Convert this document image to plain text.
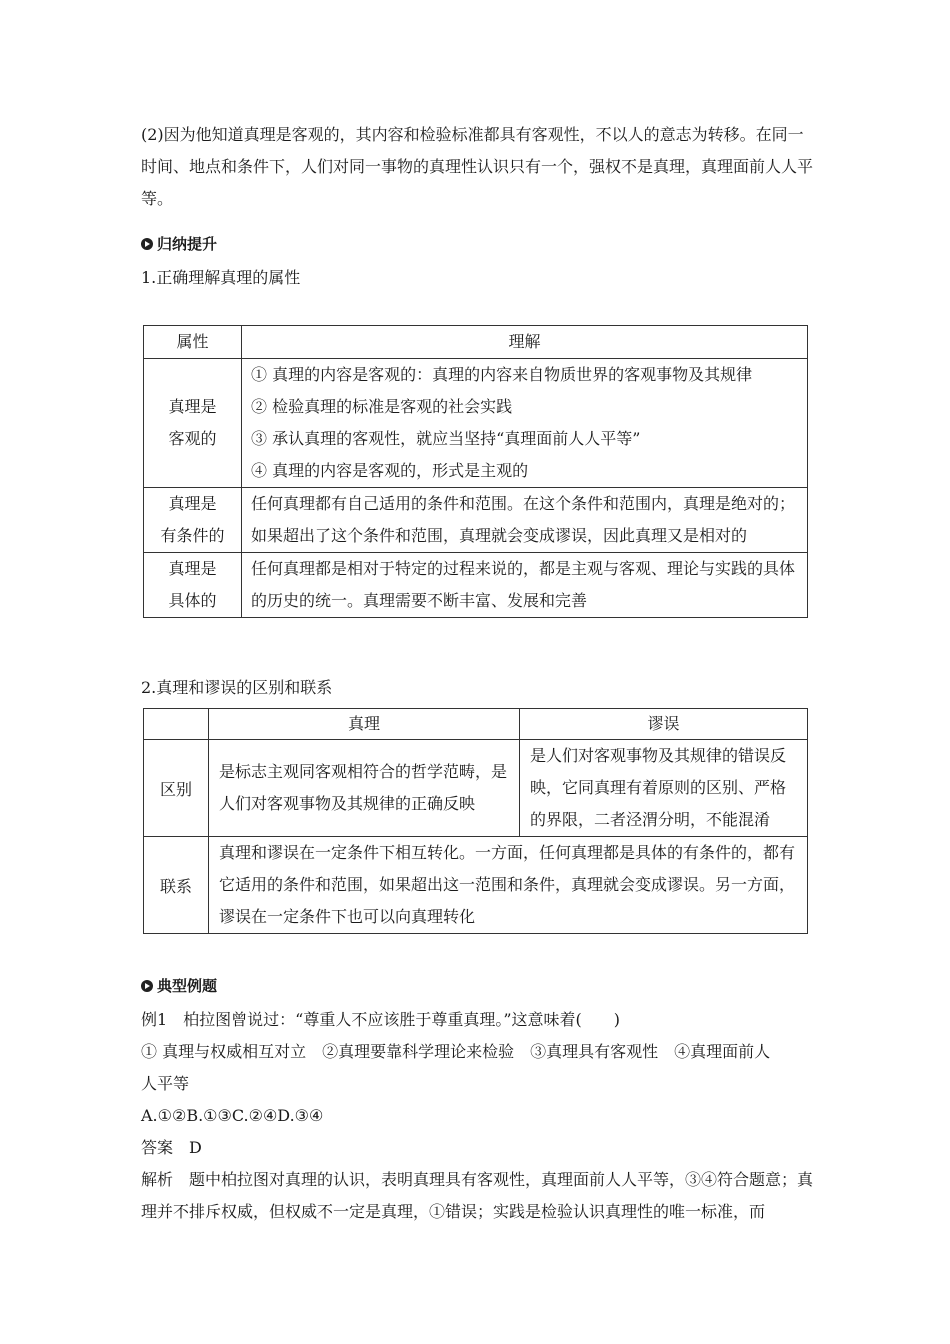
(2)因为他知道真理是客观的，其内容和检验标准都具有客观性，不以人的意志为转移。在同一时间、地点和条件下，人们对同一事物的真理性认识只有一个，强权不是真理，真理面前人人平等。

归纳提升

1.正确理解真理的属性

属性	理解

真理是
客观的	① 真理的内容是客观的：真理的内容来自物质世界的客观事物及其规律
② 检验真理的标准是客观的社会实践
③ 承认真理的客观性，就应当坚持“真理面前人人平等”
④ 真理的内容是客观的，形式是主观的

真理是
有条件的	任何真理都有自己适用的条件和范围。在这个条件和范围内，真理是绝对的；如果超出了这个条件和范围，真理就会变成谬误，因此真理又是相对的

真理是
具体的	任何真理都是相对于特定的过程来说的，都是主观与客观、理论与实践的具体的历史的统一。真理需要不断丰富、发展和完善

2.真理和谬误的区别和联系

	真理	谬误
区别	是标志主观同客观相符合的哲学范畴，是人们对客观事物及其规律的正确反映	是人们对客观事物及其规律的错误反映，它同真理有着原则的区别、严格的界限，二者泾渭分明，不能混淆
联系	真理和谬误在一定条件下相互转化。一方面，任何真理都是具体的有条件的，都有它适用的条件和范围，如果超出这一范围和条件，真理就会变成谬误。另一方面，谬误在一定条件下也可以向真理转化	
典型例题

例1　柏拉图曾说过：“尊重人不应该胜于尊重真理。”这意味着(　　)

① 真理与权威相互对立　②真理要靠科学理论来检验　③真理具有客观性　④真理面前人

人平等

A.①②B.①③C.②④D.③④

答案　D

解析　题中柏拉图对真理的认识，表明真理具有客观性，真理面前人人平等，③④符合题意；真理并不排斥权威，但权威不一定是真理，①错误；实践是检验认识真理性的唯一标准，而
